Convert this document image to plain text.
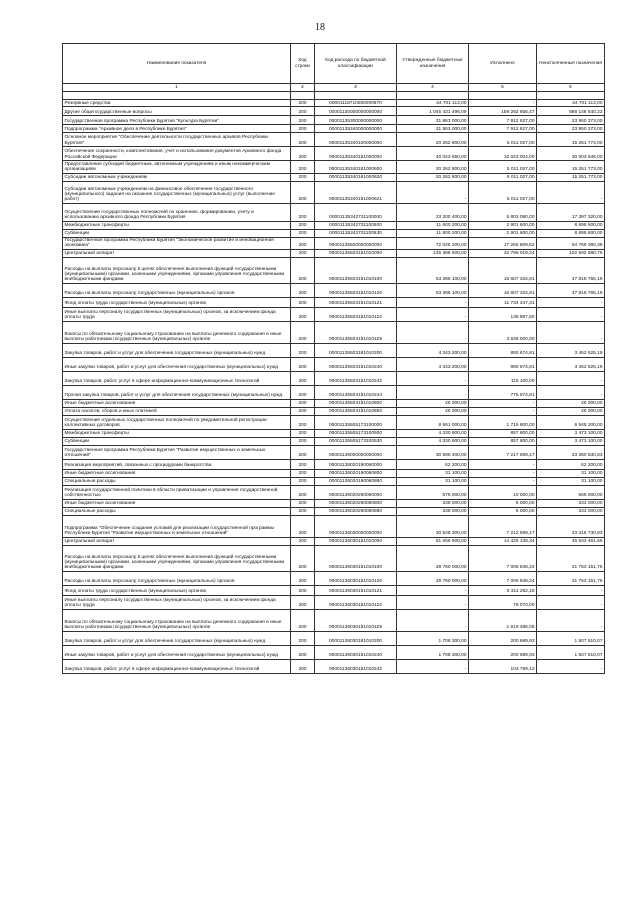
18
Наименование показателя	Код строки	Код расхода по бюджетной классификации	Утвержденные бюджетные назначения	Исполнено	Неисполненные назначения
1	2	3	4	5	6

Резервные средства	200	00001118710000000870	34 701 113,00	-	34 701 113,00
Другие общегосударственные вопросы	200	00001130000000000000	1 045 431 496,09	159 282 856,47	886 148 640,22
Государственная программа Республики Бурятия "Культура Бурятии"	200	00001135300000000000	31 863 000,00	7 912 627,00	23 950 373,00
Подпрограмма "Архивное дело в Республике Бурятия"	200	00001135340000000000	31 863 000,00	7 912 627,00	23 950 373,00
Основное мероприятие "Обеспечение деятельности государственных архивов Республики Бурятия"	200	00001135340100000000	20 262 800,00	5 011 027,00	15 251 773,00
Обеспечение сохранности, комплектования, учет и использования документов Архивного фонда Российской Федерации	200	00001135340181000000	40 023 650,00	10 023 004,00	30 003 646,00
Предоставление субсидий бюджетным, автономным учреждениям и иным некоммерческим организациям	200	00001135340181000600	20 262 800,00	5 011 027,00	15 251 773,00
Субсидии автономным учреждениям	200	00001135340181000620	20 262 800,00	5 011 027,00	15 251 773,00
Субсидии автономным учреждениям на финансовое обеспечение государственного (муниципального) задания на оказание государственных (муниципальных) услуг (выполнение работ)	200	00001135340181000621	-	5 011 027,00	-
Осуществление государственных полномочий по хранению, формированию, учету и использованию архивного фонда Республики Бурятия	200	00001135342731100000	23 200 400,00	5 803 080,00	17 397 320,00
Межбюджетные трансферты	200	00001135342731100500	11 600 200,00	2 901 600,00	8 698 600,00
Субвенции	200	00001135342731100530	11 600 200,00	2 901 600,00	8 698 600,00
Государственная программа Республики Бурятия "Экономическое развитие и инновационная экономика"	200	00001135500000000000	72 025 200,00	17 255 809,62	54 769 390,38
Центральный аппарат	200	00001135503181010000	135 389 600,00	32 796 019,24	102 592 580,76
Расходы на выплаты персоналу в целях обеспечения выполнения функций государственными (муниципальными) органами, казенными учреждениями, органами управления государственными внебюджетными фондами	200	00001135503181010100	63 396 100,00	15 607 334,81	47 818 755,19
Расходы на выплаты персоналу государственных (муниципальных) органов	200	00001135503181010120	63 396 100,00	15 607 334,81	47 818 765,19
Фонд оплаты труда государственных (муниципальных) органов	200	00001135503181010121	-	11 734 447,31	-
Иные выплаты персоналу государственных (муниципальных) органов, за исключением фонда оплаты труда	200	00001135503181010122	-	138 887,50	-
Взносы по обязательному социальному страхованию на выплаты денежного содержания и иные выплаты работникам государственных (муниципальных) органов	200	00001135503181010129	-	3 636 000,00	-
Закупка товаров, работ и услуг для обеспечения государственных (муниципальных) нужд	200	00001135503181010200	4 343 200,00	890 674,81	3 452 525,19
Иные закупки товаров, работ и услуг для обеспечения государственных (муниципальных) нужд	200	00001135503181010240	4 343 200,00	890 674,81	3 452 525,19
Закупка товаров, работ, услуг в сфере информационно-коммуникационных технологий	200	00001135503181010242	-	115 100,00	-
Прочая закупка товаров, работ и услуг для обеспечения государственных (муниципальных) нужд	200	00001135503181010244	-	775 574,81	-
Иные бюджетные ассигнования	200	00001135503181010800	25 000,00	-	25 000,00
Уплата налогов, сборов и иных платежей	200	00001135503181010850	25 000,00	-	25 000,00
Осуществление отдельных государственных полномочий по уведомительной регистрации коллективных договоров	200	00001135505173100000	8 661 000,00	1 715 800,00	6 945 200,00
Межбюджетные трансферты	200	00001135505173100500	4 330 900,00	857 800,00	3 473 100,00
Субвенции	200	00001135505173100530	4 330 900,00	857 800,00	3 473 100,00
Государственная программа Республики Бурятия "Развитие имущественных и земельных отношений"	200	00001136000000000000	30 598 400,00	7 217 569,17	23 380 830,83
Реализация мероприятий, связанных с процедурами банкротства	200	00001136020190060000	62 200,00	-	62 200,00
Иные бюджетные ассигнования	200	00001136020190060800	31 100,00	-	31 100,00
Специальные расходы	200	00001136020190060880	31 100,00	-	31 100,00
Реализация государственной политики в области приватизации и управления государственной собственностью	200	00001136020290060000	576 000,00	10 000,00	566 000,00
Иные бюджетные ассигнования	200	00001136020290060800	338 000,00	5 000,00	333 000,00
Специальные расходы	200	00001136020290060880	338 000,00	5 000,00	333 000,00
Подпрограмма "Обеспечение создания условий для реализации государственной программы Республики Бурятия "Развитие имущественных и земельных отношений"	200	00001136030000000000	30 528 300,00	7 212 569,17	23 316 730,83
Центральный аппарат	200	00001136030181010000	61 056 600,00	14 425 138,34	46 633 461,66
Расходы на выплаты персоналу в целях обеспечения выполнения функций государственными (муниципальными) органами, казенными учреждениями, органами управления государственными внебюджетными фондами	200	00001136030181010100	28 760 000,00	7 006 848,24	21 753 151,76
Расходы на выплаты персоналу государственных (муниципальных) органов	200	00001136030181010120	28 760 000,00	7 006 848,24	21 753 151,76
Фонд оплаты труда государственных (муниципальных) органов	200	00001136030181010121	-	5 311 282,18	-
Иные выплаты персоналу государственных (муниципальных) органов, за исключением фонда оплаты труда	200	00001136030181010122	-	76 070,00	-
Взносы по обязательному социальному страхованию на выплаты денежного содержания и иные выплаты работникам государственных (муниципальных) органов	200	00001136030181010129	-	1 619 486,06	-
Закупка товаров, работ и услуг для обеспечения государственных (муниципальных) нужд	200	00001136030181010200	1 708 300,00	200 689,93	1 507 610,07
Иные закупки товаров, работ и услуг для обеспечения государственных (муниципальных) нужд	200	00001136030181010240	1 708 300,00	200 689,93	1 507 610,07
Закупка товаров, работ, услуг в сфере информационно-коммуникационных технологий	200	00001136030181010242	-	103 799,13	-
